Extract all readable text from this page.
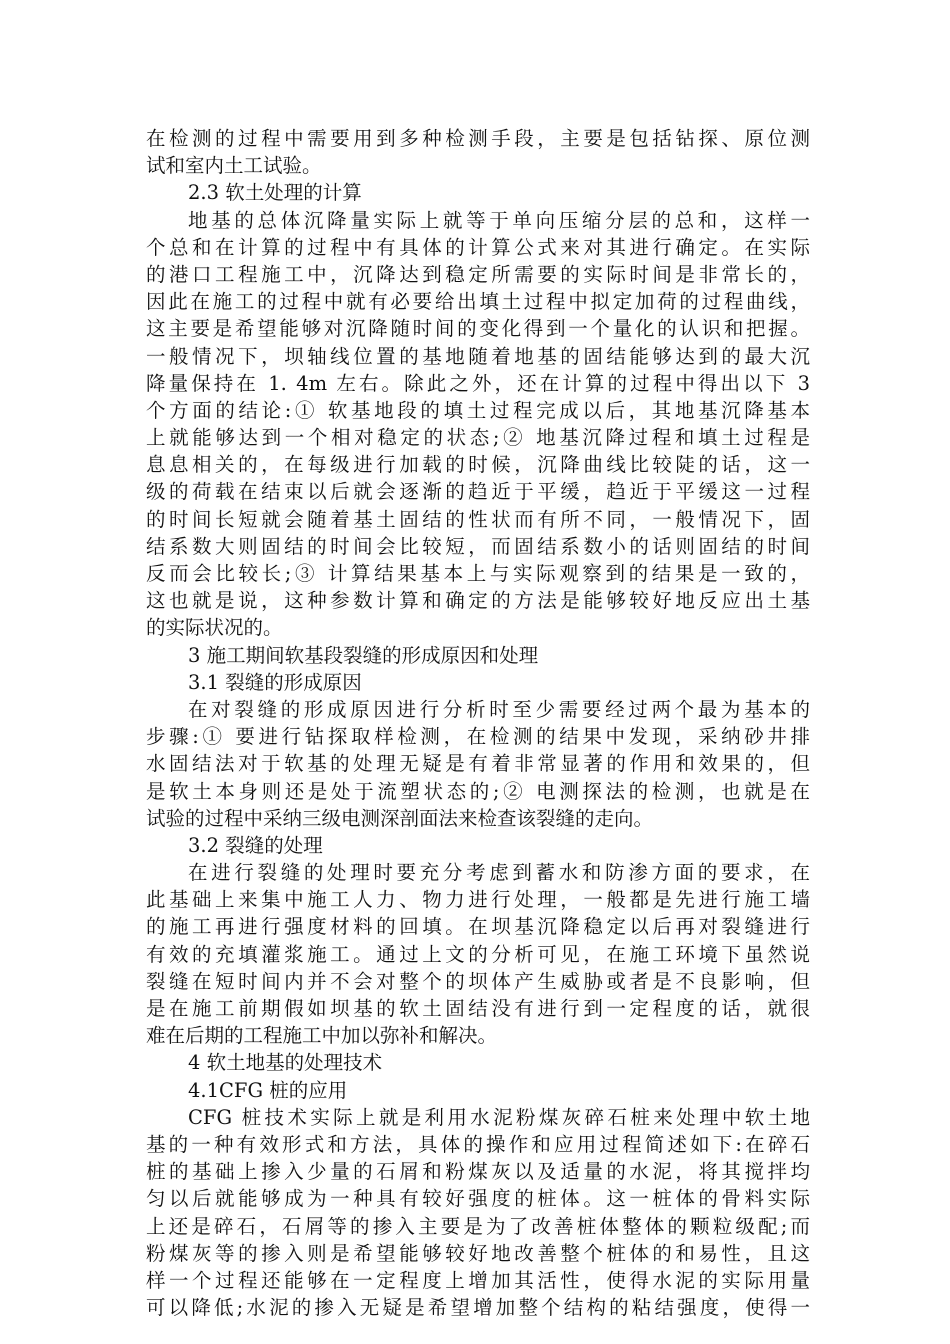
在检测的过程中需要用到多种检测手段，主要是包括钻探、原位测
试和室内土工试验。
2.3 软土处理的计算
地基的总体沉降量实际上就等于单向压缩分层的总和，这样一
个总和在计算的过程中有具体的计算公式来对其进行确定。在实际
的港口工程施工中，沉降达到稳定所需要的实际时间是非常长的，
因此在施工的过程中就有必要给出填土过程中拟定加荷的过程曲线，
这主要是希望能够对沉降随时间的变化得到一个量化的认识和把握。
一般情况下，坝轴线位置的基地随着地基的固结能够达到的最大沉
降量保持在 1. 4m 左右。除此之外，还在计算的过程中得出以下 3
个方面的结论:① 软基地段的填土过程完成以后，其地基沉降基本
上就能够达到一个相对稳定的状态;② 地基沉降过程和填土过程是
息息相关的，在每级进行加载的时候，沉降曲线比较陡的话，这一
级的荷载在结束以后就会逐渐的趋近于平缓，趋近于平缓这一过程
的时间长短就会随着基土固结的性状而有所不同，一般情况下，固
结系数大则固结的时间会比较短，而固结系数小的话则固结的时间
反而会比较长;③ 计算结果基本上与实际观察到的结果是一致的，
这也就是说，这种参数计算和确定的方法是能够较好地反应出土基
的实际状况的。
3 施工期间软基段裂缝的形成原因和处理
3.1 裂缝的形成原因
在对裂缝的形成原因进行分析时至少需要经过两个最为基本的
步骤:① 要进行钻探取样检测，在检测的结果中发现，采纳砂井排
水固结法对于软基的处理无疑是有着非常显著的作用和效果的，但
是软土本身则还是处于流塑状态的;② 电测探法的检测，也就是在
试验的过程中采纳三级电测深剖面法来检查该裂缝的走向。
3.2 裂缝的处理
在进行裂缝的处理时要充分考虑到蓄水和防渗方面的要求，在
此基础上来集中施工人力、物力进行处理，一般都是先进行施工墙
的施工再进行强度材料的回填。在坝基沉降稳定以后再对裂缝进行
有效的充填灌浆施工。通过上文的分析可见，在施工环境下虽然说
裂缝在短时间内并不会对整个的坝体产生威胁或者是不良影响，但
是在施工前期假如坝基的软土固结没有进行到一定程度的话，就很
难在后期的工程施工中加以弥补和解决。
4 软土地基的处理技术
4.1CFG 桩的应用
CFG 桩技术实际上就是利用水泥粉煤灰碎石桩来处理中软土地
基的一种有效形式和方法，具体的操作和应用过程简述如下:在碎石
桩的基础上掺入少量的石屑和粉煤灰以及适量的水泥，将其搅拌均
匀以后就能够成为一种具有较好强度的桩体。这一桩体的骨料实际
上还是碎石，石屑等的掺入主要是为了改善桩体整体的颗粒级配;而
粉煤灰等的掺入则是希望能够较好地改善整个桩体的和易性，且这
样一个过程还能够在一定程度上增加其活性，使得水泥的实际用量
可以降低;水泥的掺入无疑是希望增加整个结构的粘结强度，使得一
